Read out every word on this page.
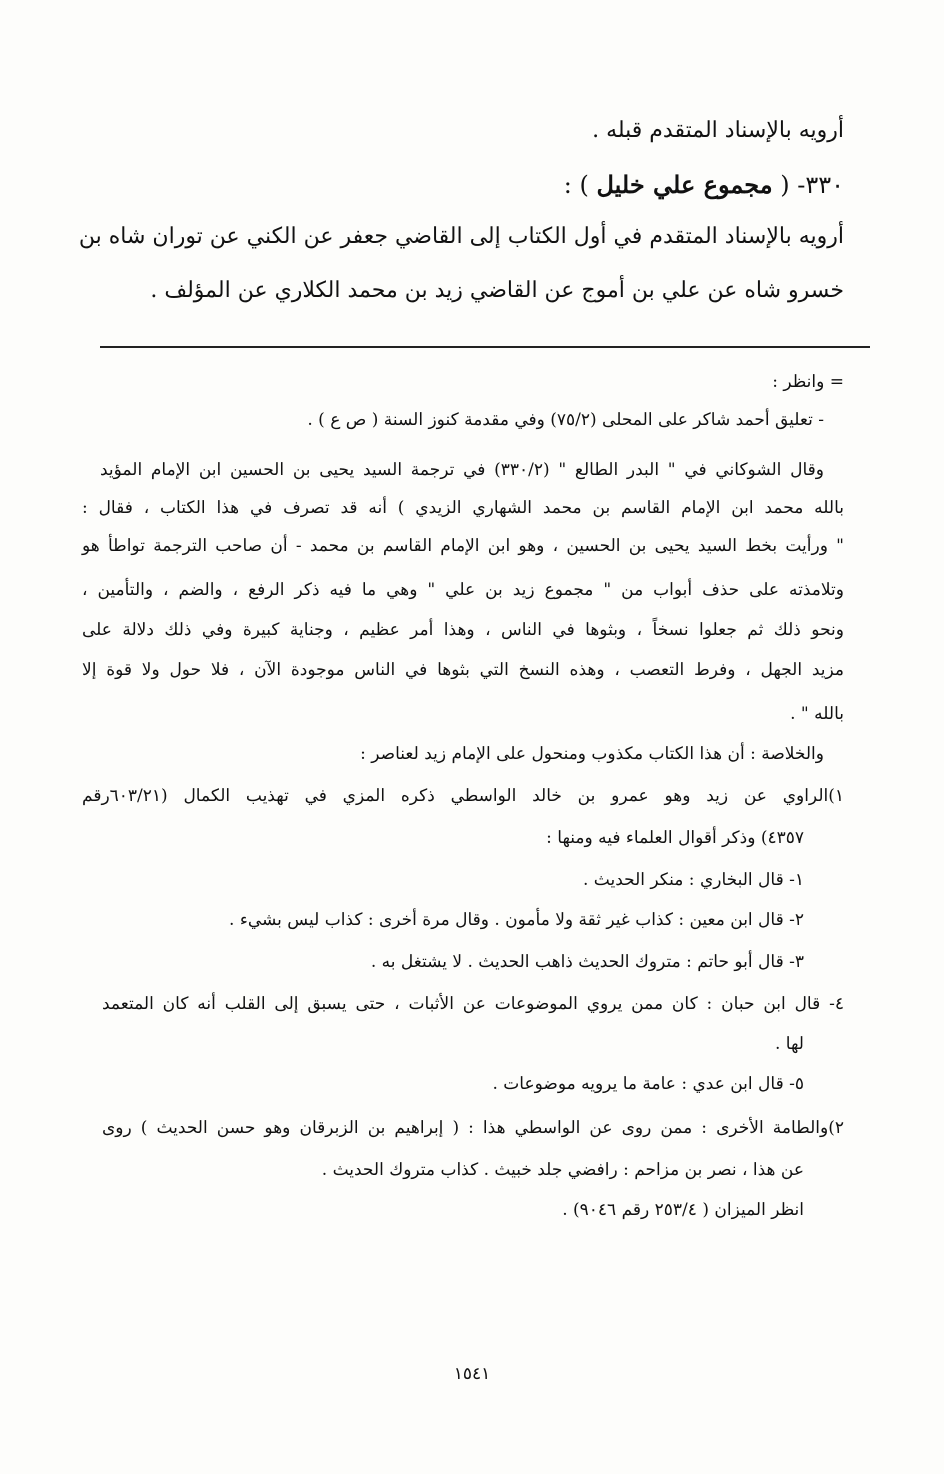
أرويه بالإسناد المتقدم قبله .
٣٣٠- ( مجموع علي خليل ) :
أرويه بالإسناد المتقدم في أول الكتاب إلى القاضي جعفر عن الكني عن توران شاه بن
خسرو شاه عن علي بن أموج عن القاضي زيد بن محمد الكلاري عن المؤلف .
= وانظر :
- تعليق أحمد شاكر على المحلى (٧٥/٢) وفي مقدمة كنوز السنة ( ص ع ) .
وقال الشوكاني في " البدر الطالع " (٣٣٠/٢) في ترجمة السيد يحيى بن الحسين ابن الإمام المؤيد
بالله محمد ابن الإمام القاسم بن محمد الشهاري الزيدي ) أنه قد تصرف في هذا الكتاب ، فقال :
" ورأيت بخط السيد يحيى بن الحسين ، وهو ابن الإمام القاسم بن محمد - أن صاحب الترجمة تواطأ هو
وتلامذته على حذف أبواب من " مجموع زيد بن علي " وهي ما فيه ذكر الرفع ، والضم ، والتأمين ،
ونحو ذلك ثم جعلوا نسخاً ، وبثوها في الناس ، وهذا أمر عظيم ، وجناية كبيرة وفي ذلك دلالة على
مزيد الجهل ، وفرط التعصب ، وهذه النسخ التي بثوها في الناس موجودة الآن ، فلا حول ولا قوة إلا
بالله " .
والخلاصة : أن هذا الكتاب مكذوب ومنحول على الإمام زيد لعناصر :
١)الراوي عن زيد وهو عمرو بن خالد الواسطي ذكره المزي في تهذيب الكمال (٦٠٣/٢١رقم
٤٣٥٧) وذكر أقوال العلماء فيه ومنها :
١- قال البخاري : منكر الحديث .
٢- قال ابن معين : كذاب غير ثقة ولا مأمون . وقال مرة أخرى : كذاب ليس بشيء .
٣- قال أبو حاتم : متروك الحديث ذاهب الحديث . لا يشتغل به .
٤- قال ابن حبان : كان ممن يروي الموضوعات عن الأثبات ، حتى يسبق إلى القلب أنه كان المتعمد
لها .
٥- قال ابن عدي : عامة ما يرويه موضوعات .
٢)والطامة الأخرى : ممن روى عن الواسطي هذا : ( إبراهيم بن الزبرقان وهو حسن الحديث ) روى
عن هذا ، نصر بن مزاحم : رافضي جلد خبيث . كذاب متروك الحديث .
انظر الميزان ( ٢٥٣/٤ رقم ٩٠٤٦) .
١٥٤١
